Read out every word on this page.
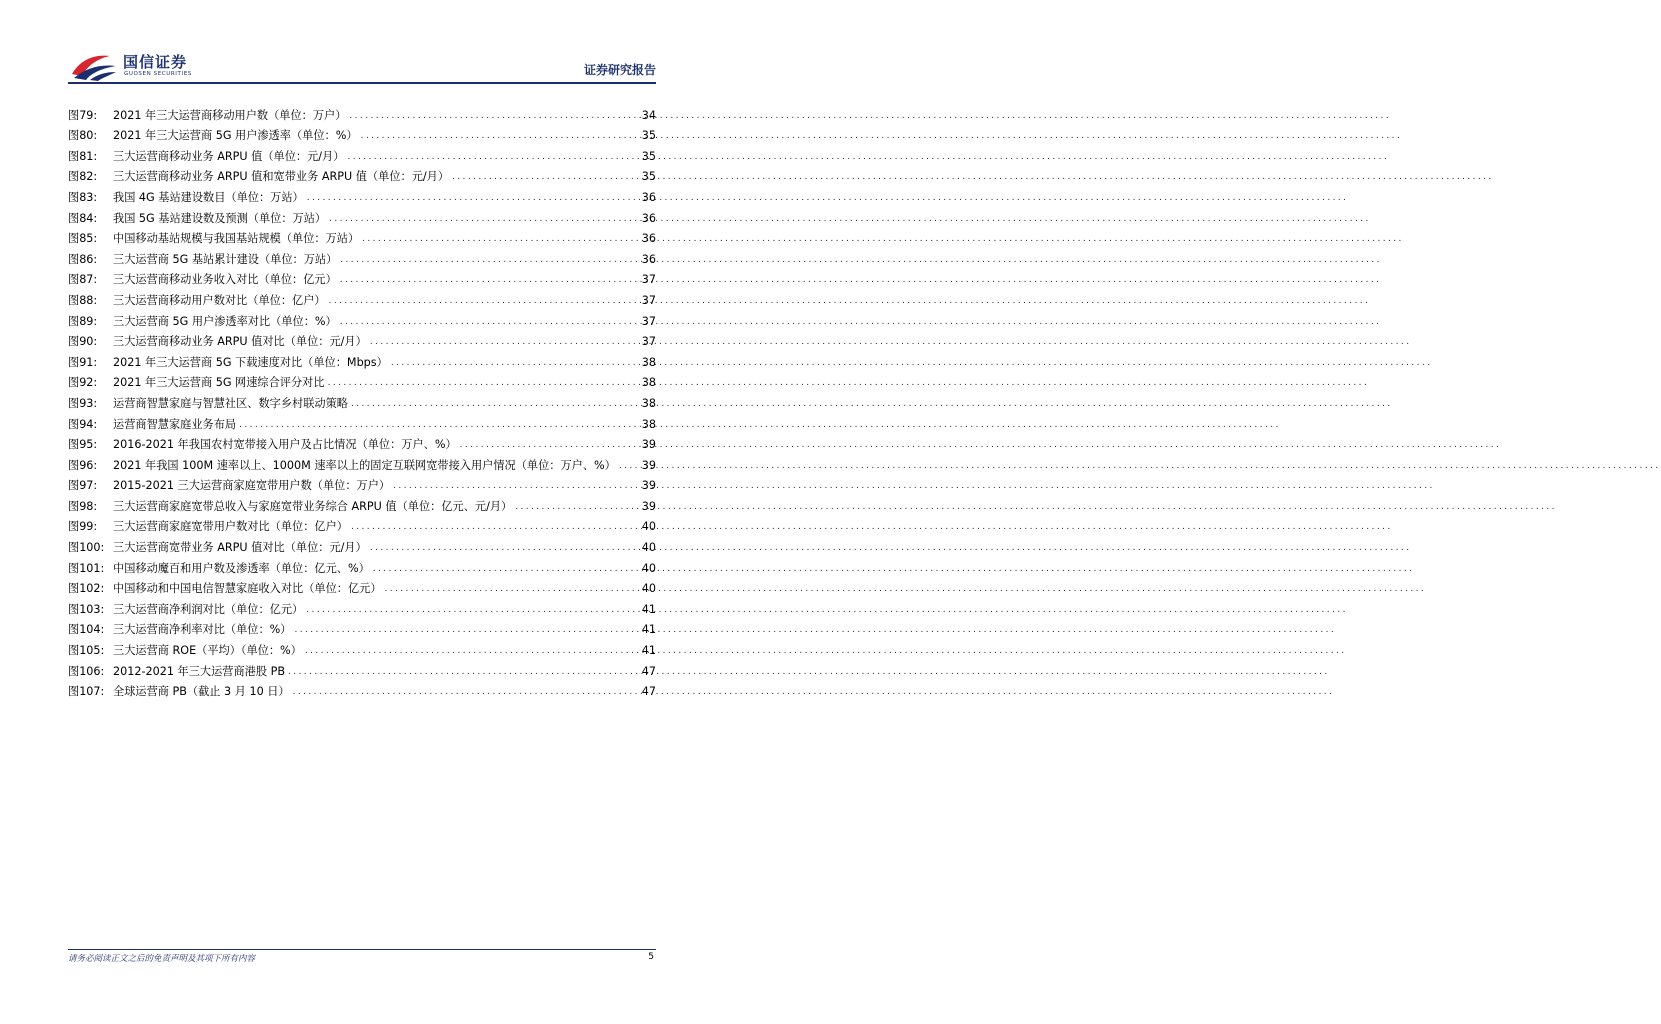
国信证券
GUOSEN SECURITIES	证券研究报告
图79:	2021 年三大运营商移动用户数（单位：万户） .....	34
图80:	2021 年三大运营商 5G 用户渗透率（单位：%） .....	35
图81:	三大运营商移动业务 ARPU 值（单位：元/月） .....	35
图82:	三大运营商移动业务 ARPU 值和宽带业务 ARPU 值（单位：元/月） .....	35
图83:	我国 4G 基站建设数目（单位：万站） .....	36
图84:	我国 5G 基站建设数及预测（单位：万站） .....	36
图85:	中国移动基站规模与我国基站规模（单位：万站） .....	36
图86:	三大运营商 5G 基站累计建设（单位：万站） .....	36
图87:	三大运营商移动业务收入对比（单位：亿元） .....	37
图88:	三大运营商移动用户数对比（单位：亿户） .....	37
图89:	三大运营商 5G 用户渗透率对比（单位：%） .....	37
图90:	三大运营商移动业务 ARPU 值对比（单位：元/月） .....	37
图91:	2021 年三大运营商 5G 下载速度对比（单位：Mbps） .....	38
图92:	2021 年三大运营商 5G 网速综合评分对比 .....	38
图93:	运营商智慧家庭与智慧社区、数字乡村联动策略 .....	38
图94:	运营商智慧家庭业务布局 .....	38
图95:	2016-2021 年我国农村宽带接入用户及占比情况（单位：万户、%） .....	39
图96:	2021 年我国 100M 速率以上、1000M 速率以上的固定互联网宽带接入用户情况（单位：万户、%） ..... 39
图97:	2015-2021 三大运营商家庭宽带用户数（单位：万户） .....	39
图98:	三大运营商家庭宽带总收入与家庭宽带业务综合 ARPU 值（单位：亿元、元/月） .....	39
图99:	三大运营商家庭宽带用户数对比（单位：亿户） .....	40
图100: 三大运营商宽带业务 ARPU 值对比（单位：元/月） .....	40
图101: 中国移动魔百和用户数及渗透率（单位：亿元、%） .....	40
图102: 中国移动和中国电信智慧家庭收入对比（单位：亿元） .....	40
图103: 三大运营商净利润对比（单位：亿元） .....	41
图104: 三大运营商净利率对比（单位：%） .....	41
图105: 三大运营商 ROE（平均）（单位：%） .....	41
图106: 2012-2021 年三大运营商港股 PB .....	47
图107: 全球运营商 PB（截止 3 月 10 日） .....	47
请务必阅读正文之后的免责声明及其项下所有内容	5
